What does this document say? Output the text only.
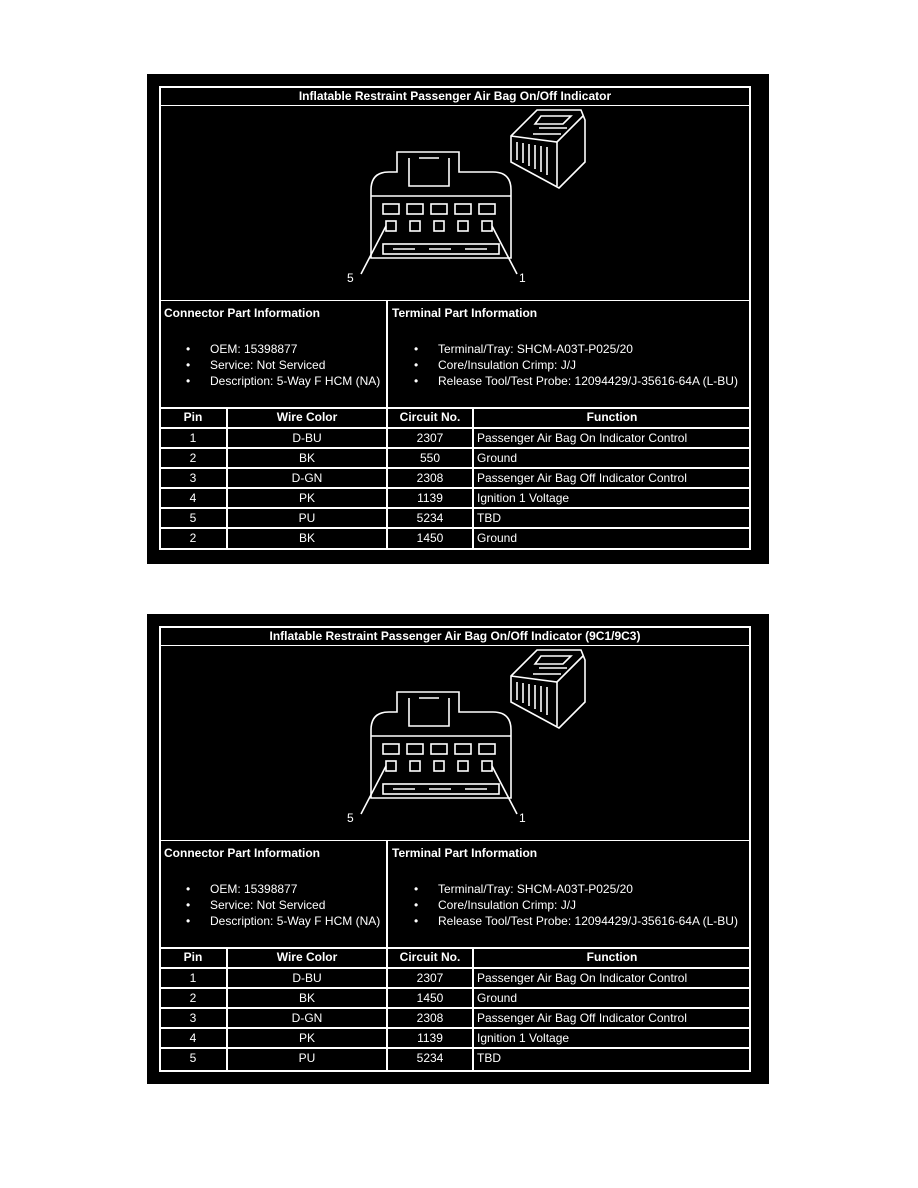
Inflatable Restraint Passenger Air Bag On/Off Indicator
5	1
Connector Part Information
• OEM: 15398877
• Service: Not Serviced
• Description: 5-Way F HCM (NA)
Terminal Part Information
• Terminal/Tray: SHCM-A03T-P025/20
• Core/Insulation Crimp: J/J
• Release Tool/Test Probe: 12094429/J-35616-64A (L-BU)
Pin	Wire Color	Circuit No.	Function
1	D-BU	2307	Passenger Air Bag On Indicator Control
2	BK	550	Ground
3	D-GN	2308	Passenger Air Bag Off Indicator Control
4	PK	1139	Ignition 1 Voltage
5	PU	5234	TBD
2	BK	1450	Ground
Inflatable Restraint Passenger Air Bag On/Off Indicator (9C1/9C3)
5	1
Connector Part Information
• OEM: 15398877
• Service: Not Serviced
• Description: 5-Way F HCM (NA)
Terminal Part Information
• Terminal/Tray: SHCM-A03T-P025/20
• Core/Insulation Crimp: J/J
• Release Tool/Test Probe: 12094429/J-35616-64A (L-BU)
Pin	Wire Color	Circuit No.	Function
1	D-BU	2307	Passenger Air Bag On Indicator Control
2	BK	1450	Ground
3	D-GN	2308	Passenger Air Bag Off Indicator Control
4	PK	1139	Ignition 1 Voltage
5	PU	5234	TBD
